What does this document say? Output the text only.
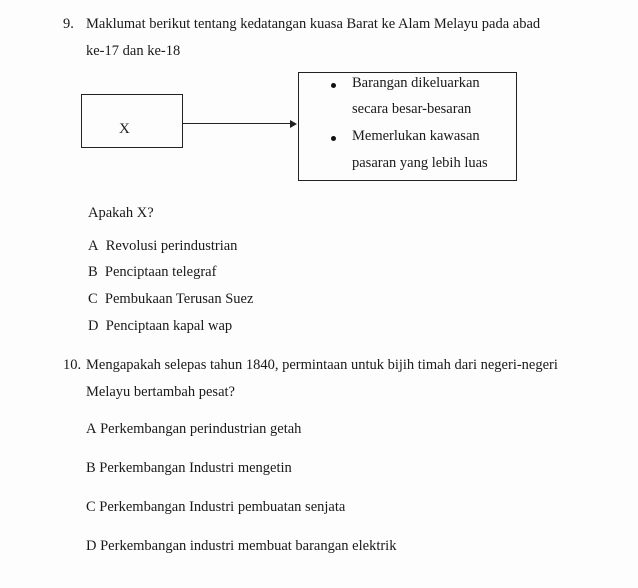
9. Maklumat berikut tentang kedatangan kuasa Barat ke Alam Melayu pada abad
ke-17 dan ke-18
X
Barangan dikeluarkan
secara besar-besaran
Memerlukan kawasan
pasaran yang lebih luas
Apakah X?
A Revolusi perindustrian
B Penciptaan telegraf
C Pembukaan Terusan Suez
D Penciptaan kapal wap
10. Mengapakah selepas tahun 1840, permintaan untuk bijih timah dari negeri-negeri
Melayu bertambah pesat?
A Perkembangan perindustrian getah
B Perkembangan Industri mengetin
C Perkembangan Industri pembuatan senjata
D Perkembangan industri membuat barangan elektrik
